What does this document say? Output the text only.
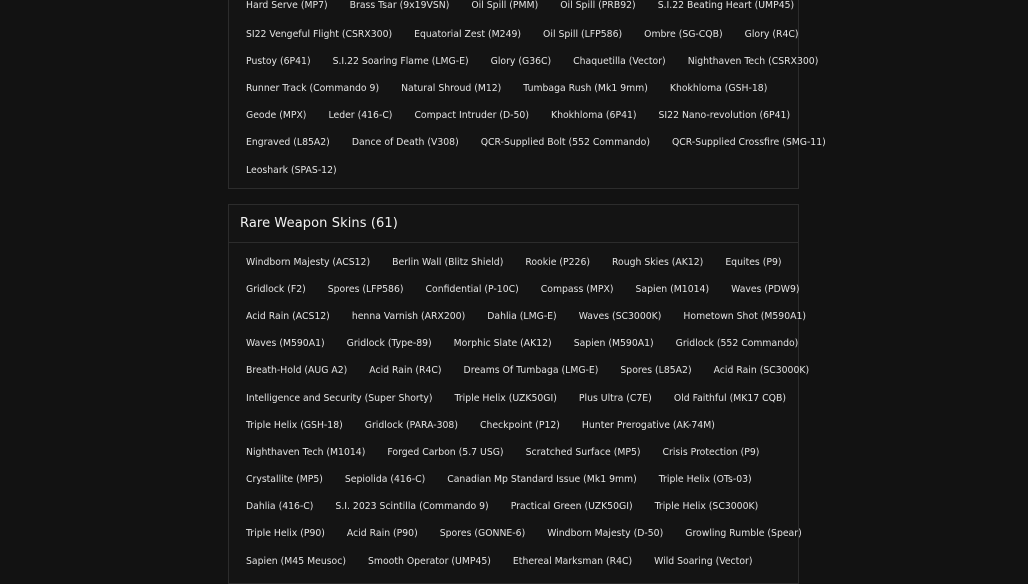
Hard Serve (MP7)	Brass Tsar (9x19VSN)	Oil Spill (PMM)	Oil Spill (PRB92)	S.I.22 Beating Heart (UMP45)
SI22 Vengeful Flight (CSRX300)	Equatorial Zest (M249)	Oil Spill (LFP586)	Ombre (SG-CQB)	Glory (R4C)
Pustoy (6P41)	S.I.22 Soaring Flame (LMG-E)	Glory (G36C)	Chaquetilla (Vector)	Nighthaven Tech (CSRX300)
Runner Track (Commando 9)	Natural Shroud (M12)	Tumbaga Rush (Mk1 9mm)	Khokhloma (GSH-18)
Geode (MPX)	Leder (416-C)	Compact Intruder (D-50)	Khokhloma (6P41)	SI22 Nano-revolution (6P41)
Engraved (L85A2)	Dance of Death (V308)	QCR-Supplied Bolt (552 Commando)	QCR-Supplied Crossfire (SMG-11)
Leoshark (SPAS-12)
Rare Weapon Skins (61)
Windborn Majesty (ACS12)	Berlin Wall (Blitz Shield)	Rookie (P226)	Rough Skies (AK12)	Equites (P9)
Gridlock (F2)	Spores (LFP586)	Confidential (P-10C)	Compass (MPX)	Sapien (M1014)	Waves (PDW9)
Acid Rain (ACS12)	henna Varnish (ARX200)	Dahlia (LMG-E)	Waves (SC3000K)	Hometown Shot (M590A1)
Waves (M590A1)	Gridlock (Type-89)	Morphic Slate (AK12)	Sapien (M590A1)	Gridlock (552 Commando)
Breath-Hold (AUG A2)	Acid Rain (R4C)	Dreams Of Tumbaga (LMG-E)	Spores (L85A2)	Acid Rain (SC3000K)
Intelligence and Security (Super Shorty)	Triple Helix (UZK50GI)	Plus Ultra (C7E)	Old Faithful (MK17 CQB)
Triple Helix (GSH-18)	Gridlock (PARA-308)	Checkpoint (P12)	Hunter Prerogative (AK-74M)
Nighthaven Tech (M1014)	Forged Carbon (5.7 USG)	Scratched Surface (MP5)	Crisis Protection (P9)
Crystallite (MP5)	Sepiolida (416-C)	Canadian Mp Standard Issue (Mk1 9mm)	Triple Helix (OTs-03)
Dahlia (416-C)	S.I. 2023 Scintilla (Commando 9)	Practical Green (UZK50GI)	Triple Helix (SC3000K)
Triple Helix (P90)	Acid Rain (P90)	Spores (GONNE-6)	Windborn Majesty (D-50)	Growling Rumble (Spear)
Sapien (M45 Meusoc)	Smooth Operator (UMP45)	Ethereal Marksman (R4C)	Wild Soaring (Vector)
